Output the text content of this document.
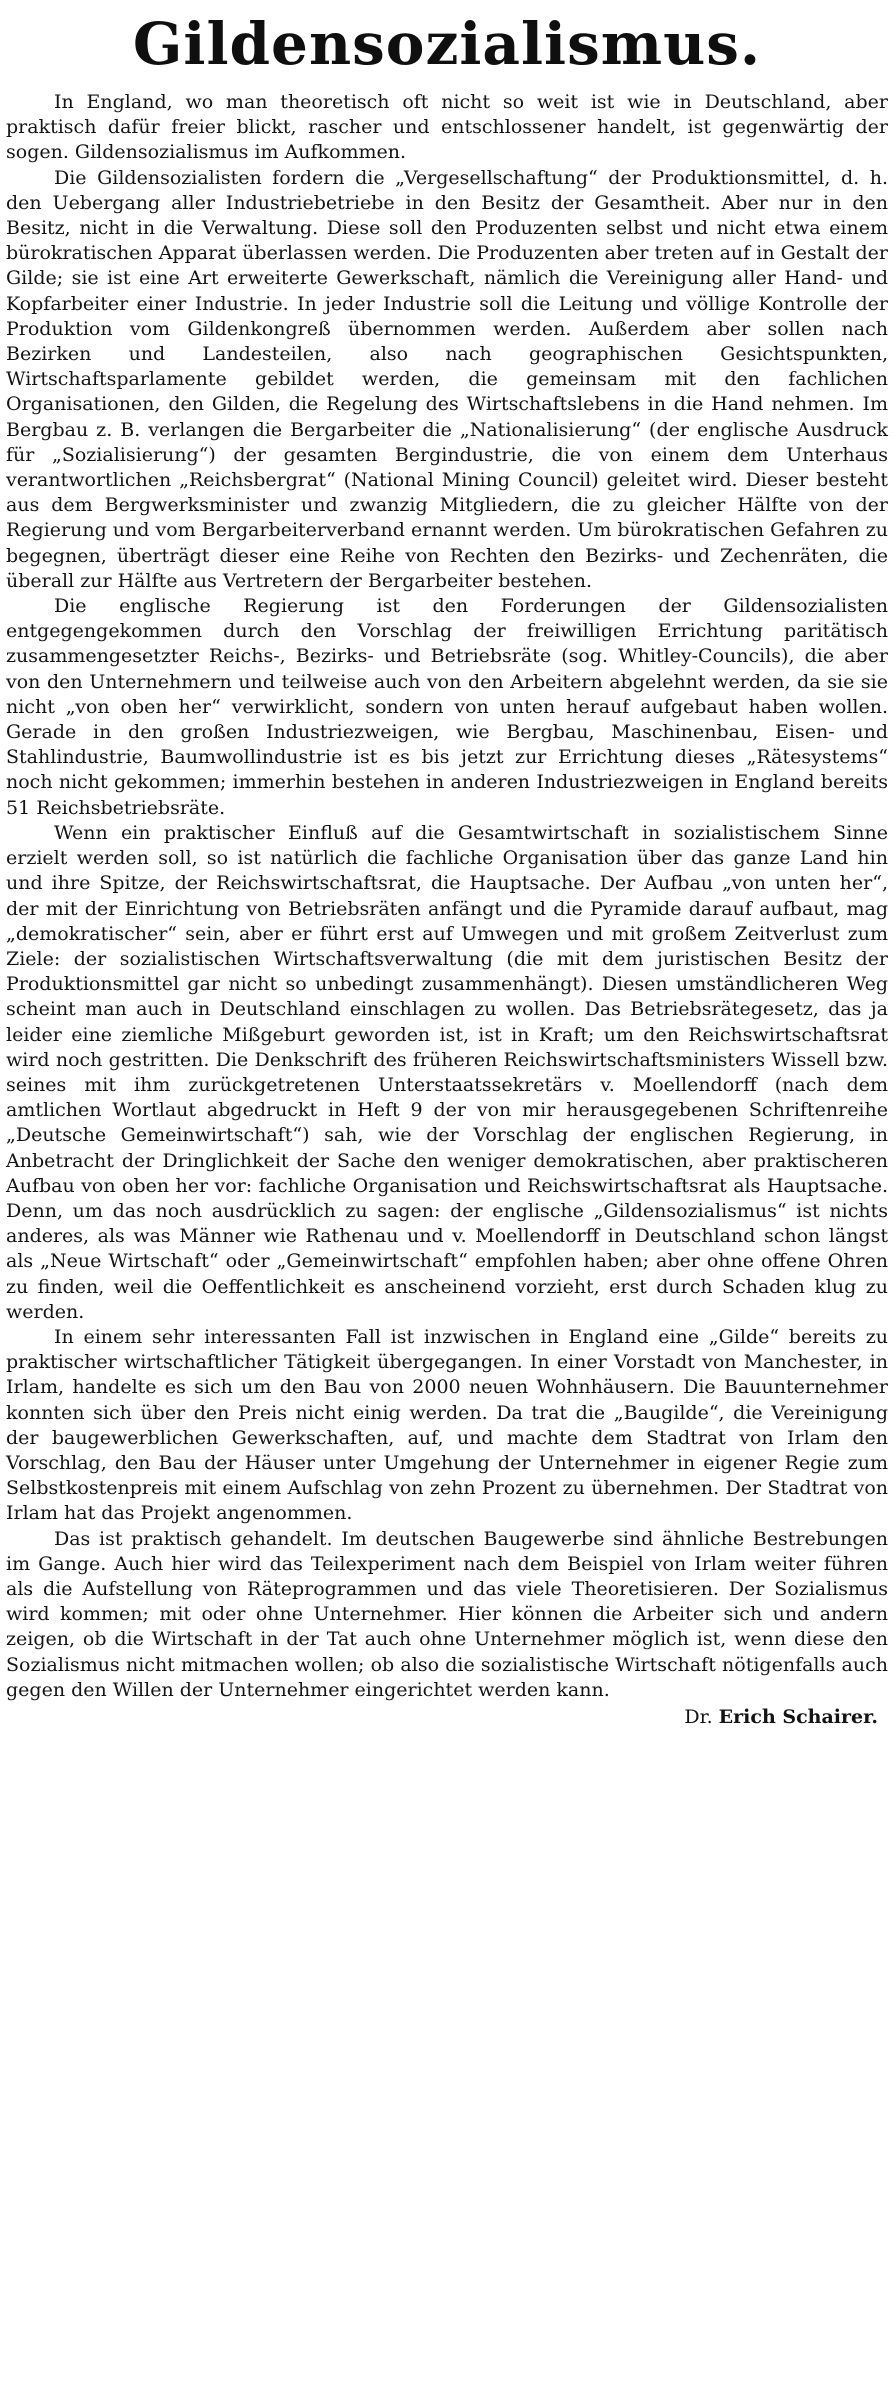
Gildensozialismus.

In England, wo man theoretisch oft nicht so weit ist wie in Deutschland, aber praktisch dafür freier blickt, rascher und entschlossener handelt, ist gegenwärtig der sogen. Gildensozialismus im Aufkommen.

Die Gildensozialisten fordern die „Vergesellschaftung“ der Produktionsmittel, d. h. den Uebergang aller Industriebetriebe in den Besitz der Gesamtheit. Aber nur in den Besitz, nicht in die Verwaltung. Diese soll den Produzenten selbst und nicht etwa einem bürokratischen Apparat überlassen werden. Die Produzenten aber treten auf in Gestalt der Gilde; sie ist eine Art erweiterte Gewerkschaft, nämlich die Vereinigung aller Hand- und Kopfarbeiter einer Industrie. In jeder Industrie soll die Leitung und völlige Kontrolle der Produktion vom Gildenkongreß übernommen werden. Außerdem aber sollen nach Bezirken und Landesteilen, also nach geographischen Gesichtspunkten, Wirtschaftsparlamente gebildet werden, die gemeinsam mit den fachlichen Organisationen, den Gilden, die Regelung des Wirtschaftslebens in die Hand nehmen. Im Bergbau z. B. verlangen die Bergarbeiter die „Nationalisierung“ (der englische Ausdruck für „Sozialisierung“) der gesamten Bergindustrie, die von einem dem Unterhaus verantwortlichen „Reichsbergrat“ (National Mining Council) geleitet wird. Dieser besteht aus dem Bergwerksminister und zwanzig Mitgliedern, die zu gleicher Hälfte von der Regierung und vom Bergarbeiterverband ernannt werden. Um bürokratischen Gefahren zu begegnen, überträgt dieser eine Reihe von Rechten den Bezirks- und Zechenräten, die überall zur Hälfte aus Vertretern der Bergarbeiter bestehen.

Die englische Regierung ist den Forderungen der Gildensozialisten entgegengekommen durch den Vorschlag der freiwilligen Errichtung paritätisch zusammengesetzter Reichs-, Bezirks- und Betriebsräte (sog. Whitley-Councils), die aber von den Unternehmern und teilweise auch von den Arbeitern abgelehnt werden, da sie sie nicht „von oben her“ verwirklicht, sondern von unten herauf aufgebaut haben wollen. Gerade in den großen Industriezweigen, wie Bergbau, Maschinenbau, Eisen- und Stahlindustrie, Baumwollindustrie ist es bis jetzt zur Errichtung dieses „Rätesystems“ noch nicht gekommen; immerhin bestehen in anderen Industriezweigen in England bereits 51 Reichsbetriebsräte.

Wenn ein praktischer Einfluß auf die Gesamtwirtschaft in sozialistischem Sinne erzielt werden soll, so ist natürlich die fachliche Organisation über das ganze Land hin und ihre Spitze, der Reichswirtschaftsrat, die Hauptsache. Der Aufbau „von unten her“, der mit der Einrichtung von Betriebsräten anfängt und die Pyramide darauf aufbaut, mag „demokratischer“ sein, aber er führt erst auf Umwegen und mit großem Zeitverlust zum Ziele: der sozialistischen Wirtschaftsverwaltung (die mit dem juristischen Besitz der Produktionsmittel gar nicht so unbedingt zusammenhängt). Diesen umständlicheren Weg scheint man auch in Deutschland einschlagen zu wollen. Das Betriebsrätegesetz, das ja leider eine ziemliche Mißgeburt geworden ist, ist in Kraft; um den Reichswirtschaftsrat wird noch gestritten. Die Denkschrift des früheren Reichswirtschaftsministers Wissell bzw. seines mit ihm zurückgetretenen Unterstaatssekretärs v. Moellendorff (nach dem amtlichen Wortlaut abgedruckt in Heft 9 der von mir herausgegebenen Schriftenreihe „Deutsche Gemeinwirtschaft“) sah, wie der Vorschlag der englischen Regierung, in Anbetracht der Dringlichkeit der Sache den weniger demokratischen, aber praktischeren Aufbau von oben her vor: fachliche Organisation und Reichswirtschaftsrat als Hauptsache. Denn, um das noch ausdrücklich zu sagen: der englische „Gildensozialismus“ ist nichts anderes, als was Männer wie Rathenau und v. Moellendorff in Deutschland schon längst als „Neue Wirtschaft“ oder „Gemeinwirtschaft“ empfohlen haben; aber ohne offene Ohren zu finden, weil die Oeffentlichkeit es anscheinend vorzieht, erst durch Schaden klug zu werden.

In einem sehr interessanten Fall ist inzwischen in England eine „Gilde“ bereits zu praktischer wirtschaftlicher Tätigkeit übergegangen. In einer Vorstadt von Manchester, in Irlam, handelte es sich um den Bau von 2000 neuen Wohnhäusern. Die Bauunternehmer konnten sich über den Preis nicht einig werden. Da trat die „Baugilde“, die Vereinigung der baugewerblichen Gewerkschaften, auf, und machte dem Stadtrat von Irlam den Vorschlag, den Bau der Häuser unter Umgehung der Unternehmer in eigener Regie zum Selbstkostenpreis mit einem Aufschlag von zehn Prozent zu übernehmen. Der Stadtrat von Irlam hat das Projekt angenommen.

Das ist praktisch gehandelt. Im deutschen Baugewerbe sind ähnliche Bestrebungen im Gange. Auch hier wird das Teilexperiment nach dem Beispiel von Irlam weiter führen als die Aufstellung von Räteprogrammen und das viele Theoretisieren. Der Sozialismus wird kommen; mit oder ohne Unternehmer. Hier können die Arbeiter sich und andern zeigen, ob die Wirtschaft in der Tat auch ohne Unternehmer möglich ist, wenn diese den Sozialismus nicht mitmachen wollen; ob also die sozialistische Wirtschaft nötigenfalls auch gegen den Willen der Unternehmer eingerichtet werden kann.

Dr. Erich Schairer.
